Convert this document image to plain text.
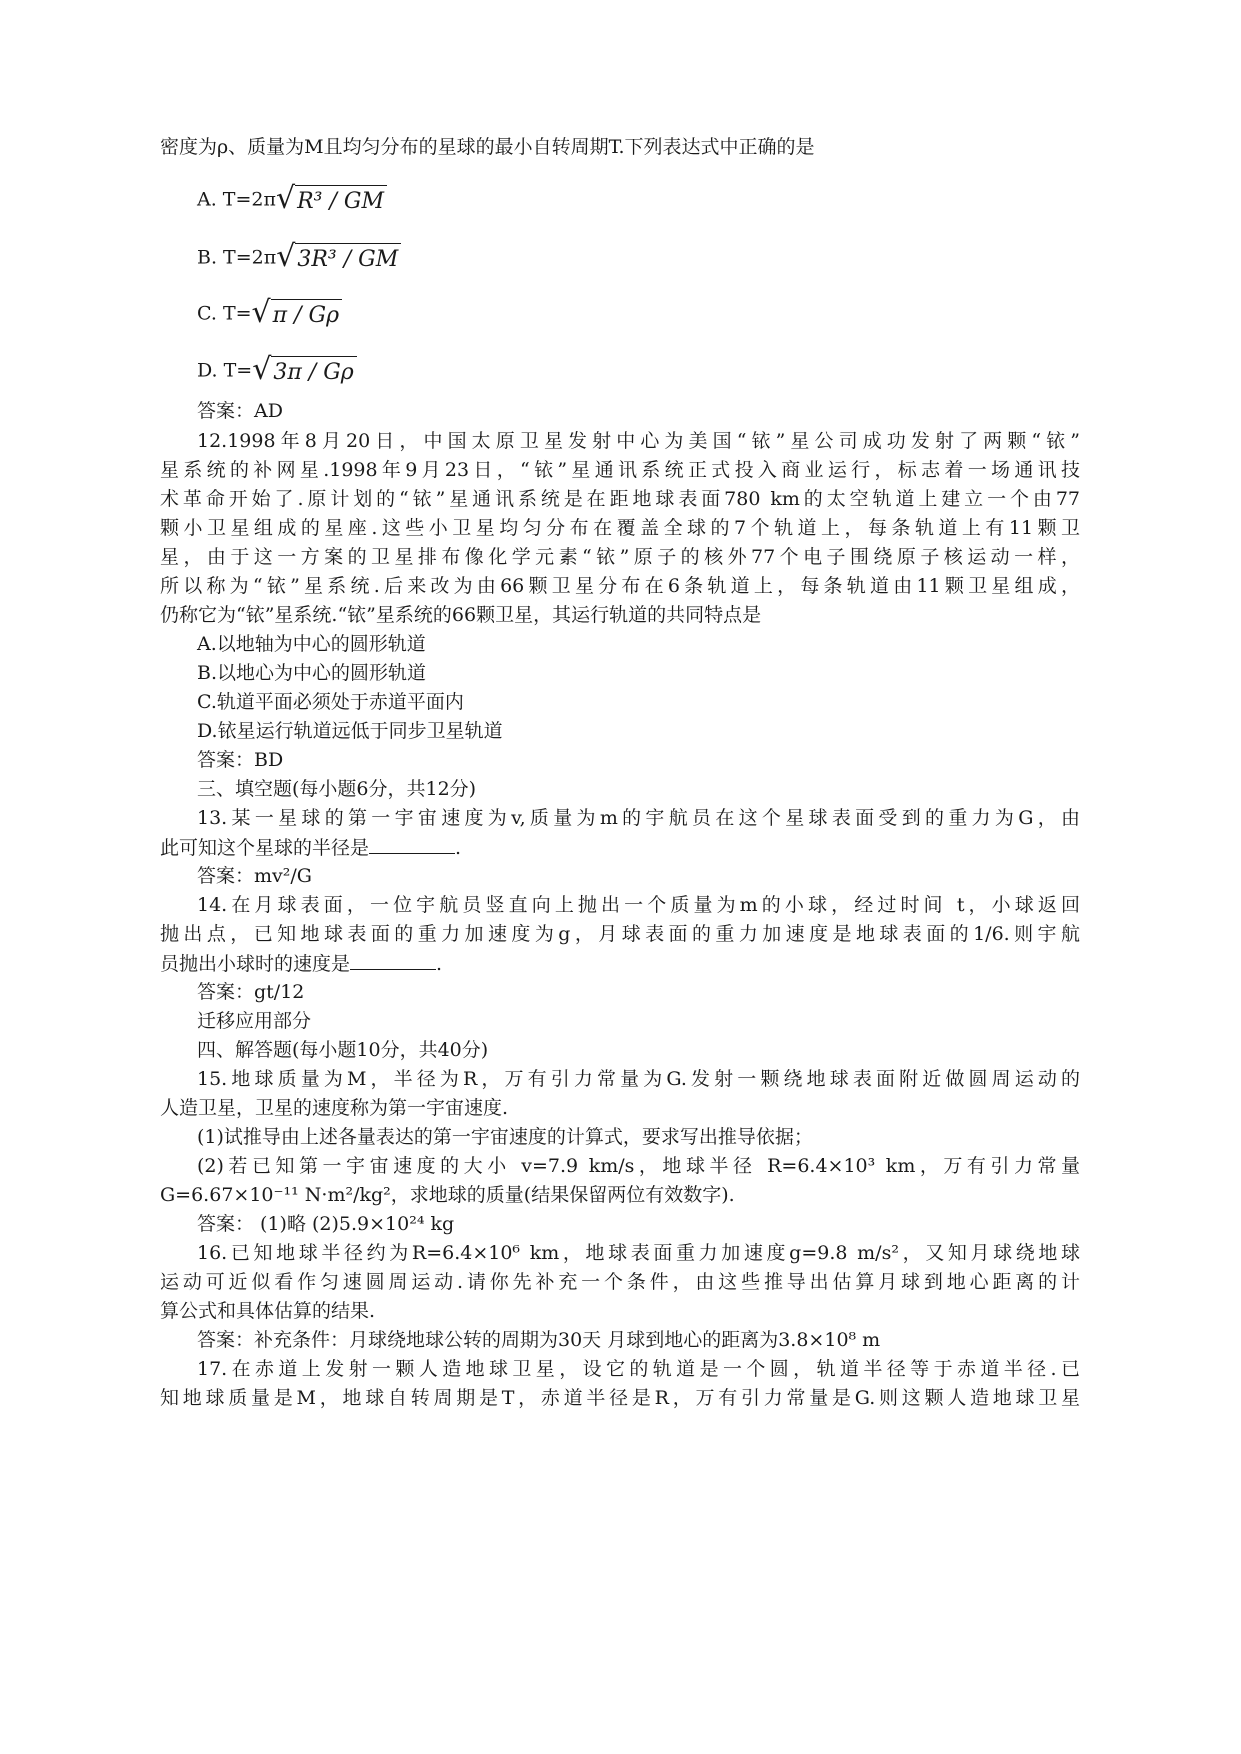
密度为ρ、质量为M且均匀分布的星球的最小自转周期T.下列表达式中正确的是
A. T=2π√R³ / GM
B. T=2π√3R³ / GM
C. T=√π / Gρ
D. T=√3π / Gρ
答案：AD
12.1998年8月20日，中国太原卫星发射中心为美国“铱”星公司成功发射了两颗“铱”
星系统的补网星.1998年9月23日，“铱”星通讯系统正式投入商业运行，标志着一场通讯技
术革命开始了.原计划的“铱”星通讯系统是在距地球表面780 km的太空轨道上建立一个由77
颗小卫星组成的星座.这些小卫星均匀分布在覆盖全球的7个轨道上，每条轨道上有11颗卫
星，由于这一方案的卫星排布像化学元素“铱”原子的核外77个电子围绕原子核运动一样，
所以称为“铱”星系统.后来改为由66颗卫星分布在6条轨道上，每条轨道由11颗卫星组成，
仍称它为“铱”星系统.“铱”星系统的66颗卫星，其运行轨道的共同特点是
A.以地轴为中心的圆形轨道
B.以地心为中心的圆形轨道
C.轨道平面必须处于赤道平面内
D.铱星运行轨道远低于同步卫星轨道
答案：BD
三、填空题(每小题6分，共12分)
13.某一星球的第一宇宙速度为v,质量为m的宇航员在这个星球表面受到的重力为G，由
此可知这个星球的半径是	.
答案：mv²/G
14.在月球表面，一位宇航员竖直向上抛出一个质量为m的小球，经过时间 t，小球返回
抛出点，已知地球表面的重力加速度为g，月球表面的重力加速度是地球表面的1/6.则宇航
员抛出小球时的速度是	.
答案：gt/12
迁移应用部分
四、解答题(每小题10分，共40分)
15.地球质量为M，半径为R，万有引力常量为G.发射一颗绕地球表面附近做圆周运动的
人造卫星，卫星的速度称为第一宇宙速度.
(1)试推导由上述各量表达的第一宇宙速度的计算式，要求写出推导依据；
(2)若已知第一宇宙速度的大小 v=7.9 km/s，地球半径 R=6.4×10³ km，万有引力常量
G=6.67×10⁻¹¹ N·m²/kg²，求地球的质量(结果保留两位有效数字).
答案： (1)略 (2)5.9×10²⁴ kg
16.已知地球半径约为R=6.4×10⁶ km，地球表面重力加速度g=9.8 m/s²，又知月球绕地球
运动可近似看作匀速圆周运动.请你先补充一个条件，由这些推导出估算月球到地心距离的计
算公式和具体估算的结果.
答案：补充条件：月球绕地球公转的周期为30天 月球到地心的距离为3.8×10⁸ m
17.在赤道上发射一颗人造地球卫星，设它的轨道是一个圆，轨道半径等于赤道半径.已
知地球质量是M，地球自转周期是T，赤道半径是R，万有引力常量是G.则这颗人造地球卫星
